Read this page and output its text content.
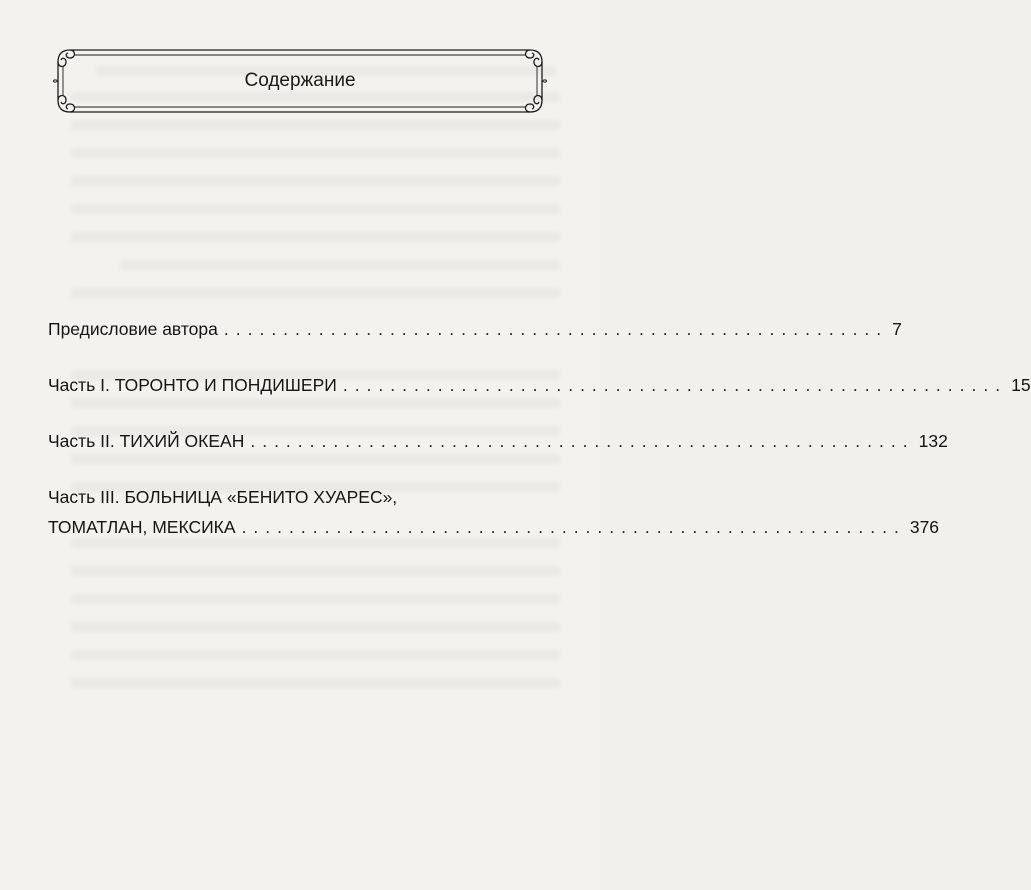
Содержание
Предисловие автора ........................................................ 7
Часть I. ТОРОНТО И ПОНДИШЕРИ ........................................................ 15
Часть II. ТИХИЙ ОКЕАН ........................................................ 132
Часть III. БОЛЬНИЦА «БЕНИТО ХУАРЕС»,
ТОМАТЛАН, МЕКСИКА ........................................................ 376
